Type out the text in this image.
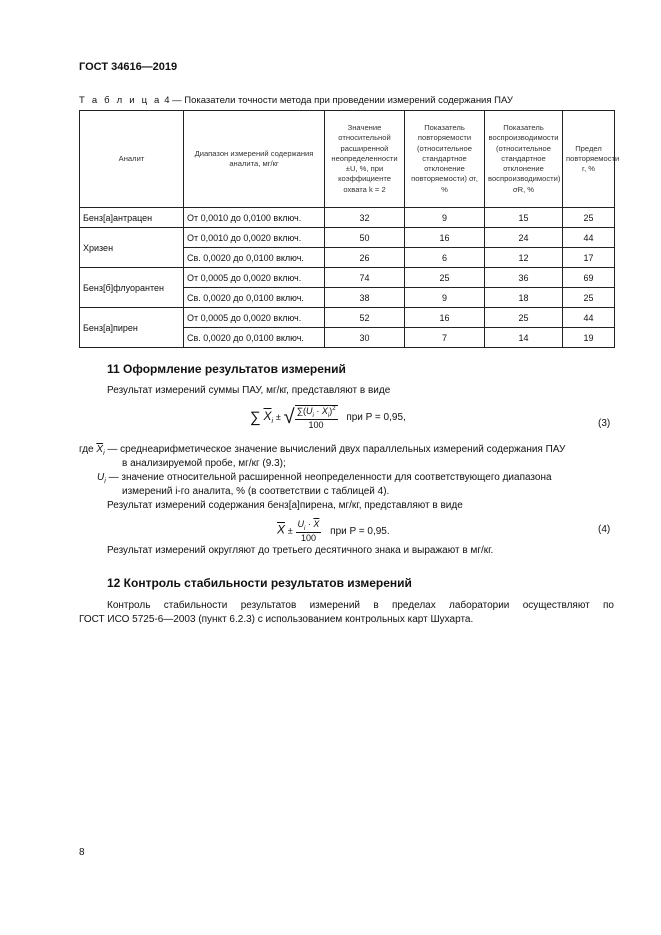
ГОСТ 34616—2019
Т а б л и ц а 4 — Показатели точности метода при проведении измерений содержания ПАУ
Аналит	Диапазон измерений содержания аналита, мг/кг	Значение относительной расширенной неопределенности ±U, %, при коэффициенте охвата k = 2	Показатель повторяемости (относительное стандартное отклонение повторяемости) σr, %	Показатель воспроизводимости (относительное стандартное отклонение воспроизводимости) σR, %	Предел повторяемости r, %
Бенз[а]антрацен	От 0,0010 до 0,0100 включ.	32	9	15	25
Хризен	От 0,0010 до 0,0020 включ.	50	16	24	44
	Св. 0,0020 до 0,0100 включ.	26	6	12	17
Бенз[б]флуорантен	От 0,0005 до 0,0020 включ.	74	25	36	69
	Св. 0,0020 до 0,0100 включ.	38	9	18	25
Бенз[а]пирен	От 0,0005 до 0,0020 включ.	52	16	25	44
	Св. 0,0020 до 0,0100 включ.	30	7	14	19
11 Оформление результатов измерений
Результат измерений суммы ПАУ, мг/кг, представляют в виде
∑ $\overline{X}_i$ ± √ $\frac{\sum(U_i \cdot \overline{X}_i)^2}{100}$ при P = 0,95,
(3)
где $\overline{X}_i$ — среднеарифметическое значение вычислений двух параллельных измерений содержания ПАУ
в анализируемой пробе, мг/кг (9.3);
$U_i$ — значение относительной расширенной неопределенности для соответствующего диапазона
измерений i-го аналита, % (в соответствии с таблицей 4).
Результат измерений содержания бенз[а]пирена, мг/кг, представляют в виде
$\overline{X} \pm \frac{U_i \cdot \overline{X}}{100}$ при P = 0,95.	(4)
Результат измерений округляют до третьего десятичного знака и выражают в мг/кг.
12 Контроль стабильности результатов измерений
Контроль стабильности результатов измерений в пределах лаборатории осуществляют по
ГОСТ ИСО 5725-6—2003 (пункт 6.2.3) с использованием контрольных карт Шухарта.
8
